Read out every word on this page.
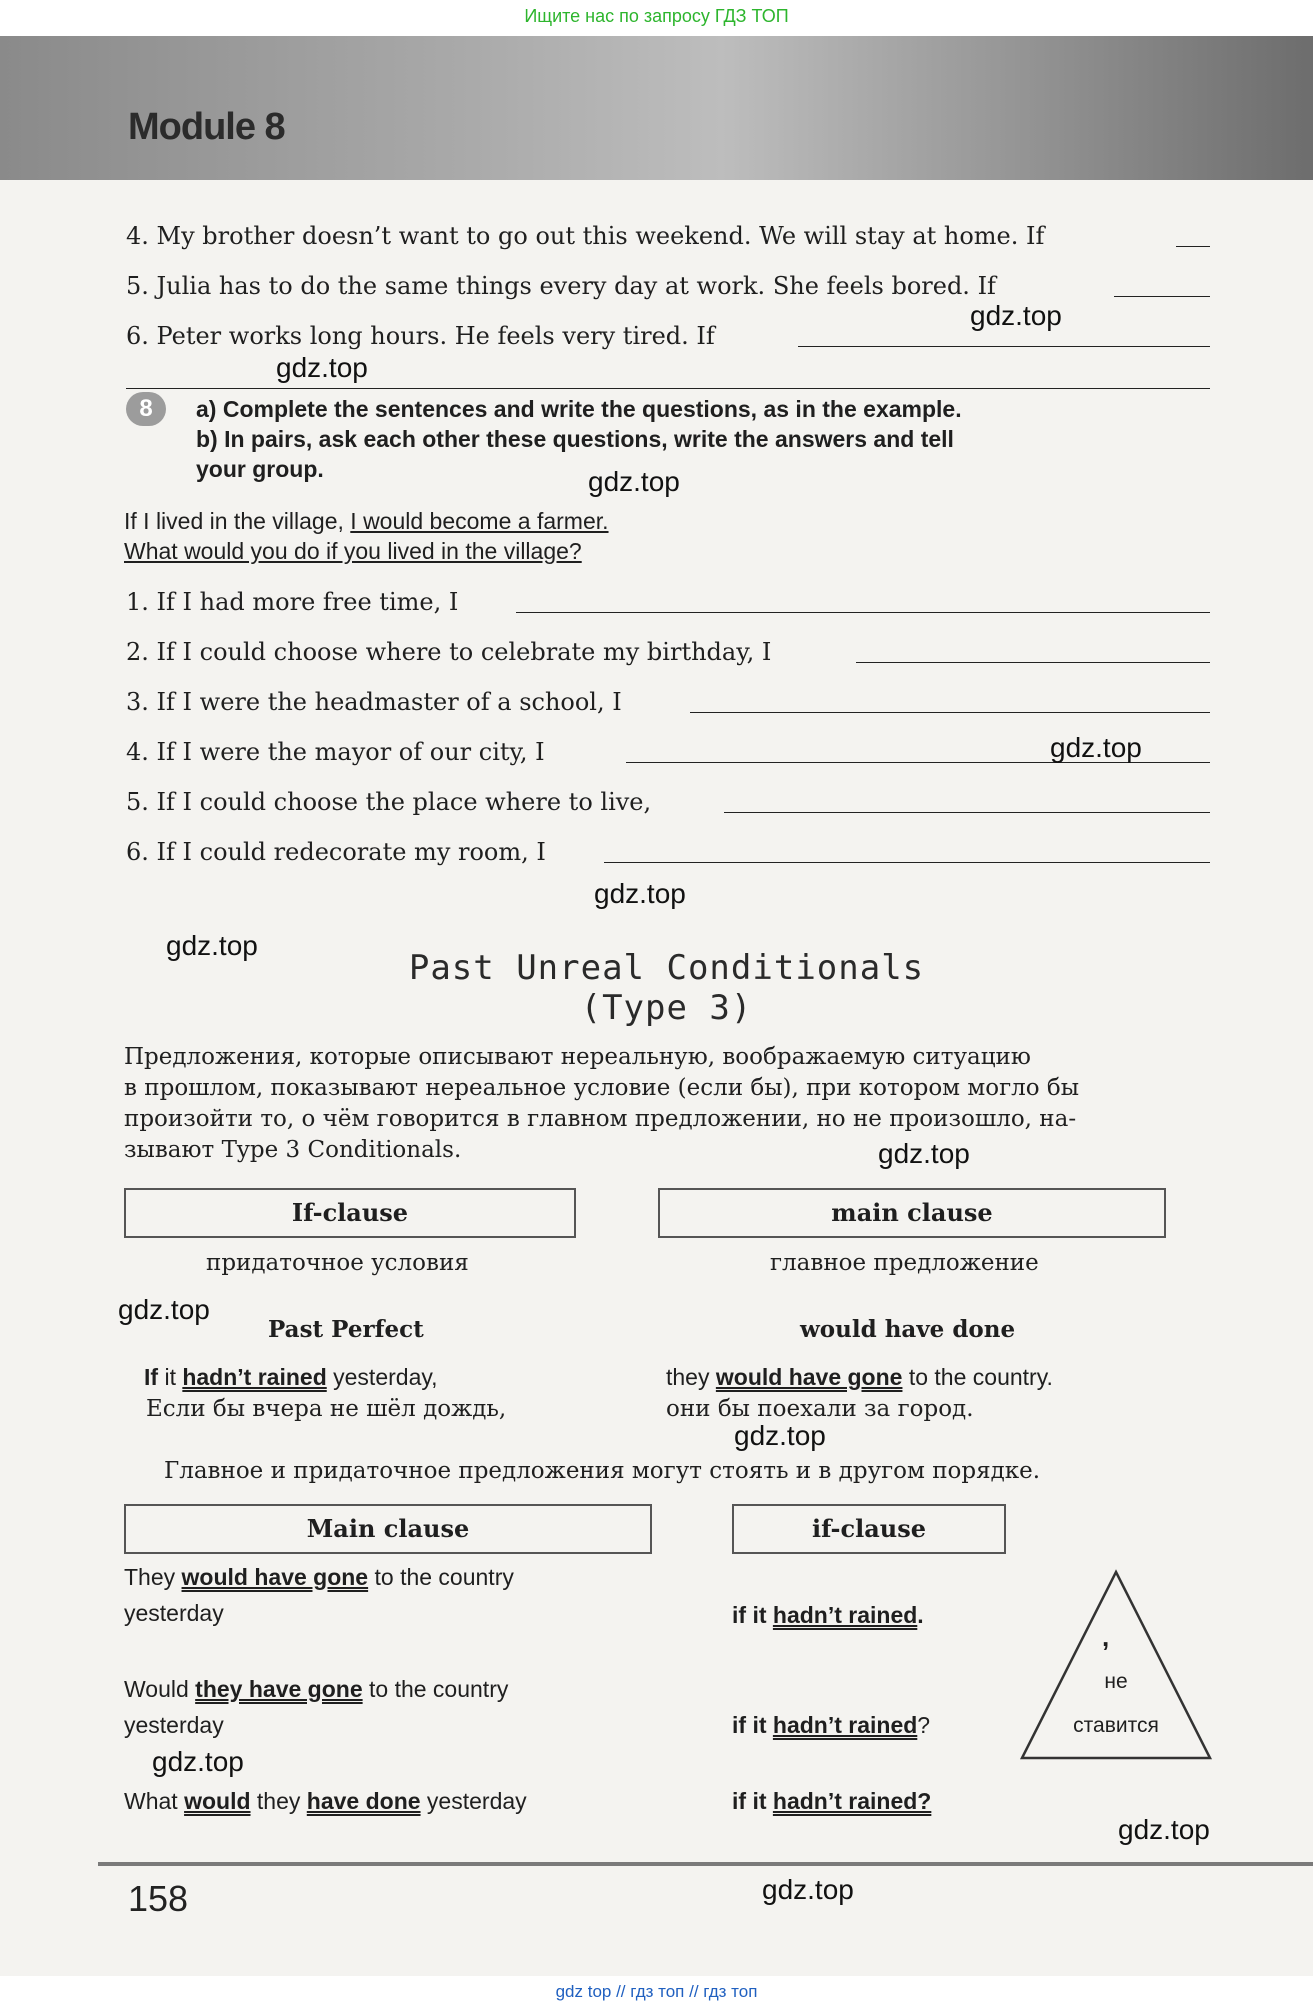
Ищите нас по запросу ГДЗ ТОП
Module 8
4. My brother doesn’t want to go out this weekend. We will stay at home. If
5. Julia has to do the same things every day at work. She feels bored. If
6. Peter works long hours. He feels very tired. If
8	a) Complete the sentences and write the questions, as in the example.
b) In pairs, ask each other these questions, write the answers and tell
your group.
If I lived in the village, I would become a farmer.
What would you do if you lived in the village?
1. If I had more free time, I
2. If I could choose where to celebrate my birthday, I
3. If I were the headmaster of a school, I
4. If I were the mayor of our city, I
5. If I could choose the place where to live,
6. If I could redecorate my room, I
Past Unreal Conditionals
(Type 3)
Предложения, которые описывают нереальную, воображаемую ситуацию
в прошлом, показывают нереальное условие (если бы), при котором могло бы
произойти то, о чём говорится в главном предложении, но не произошло, на-
зывают Type 3 Conditionals.
If-clause	main clause
придаточное условия	главное предложение
Past Perfect	would have done
If it hadn’t rained yesterday,	they would have gone to the country.
Если бы вчера не шёл дождь,	они бы поехали за город.
Главное и придаточное предложения могут стоять и в другом порядке.
Main clause	if-clause
They would have gone to the country
yesterday	if it hadn’t rained.
Would they have gone to the country
yesterday	if it hadn’t rained?
What would they have done yesterday	if it hadn’t rained?
,
не
ставится
gdz.top
gdz.top
gdz.top
gdz.top
gdz.top
gdz.top
gdz.top
gdz.top
gdz.top
gdz.top
gdz.top
gdz.top
158
gdz top // гдз топ // гдз топ
